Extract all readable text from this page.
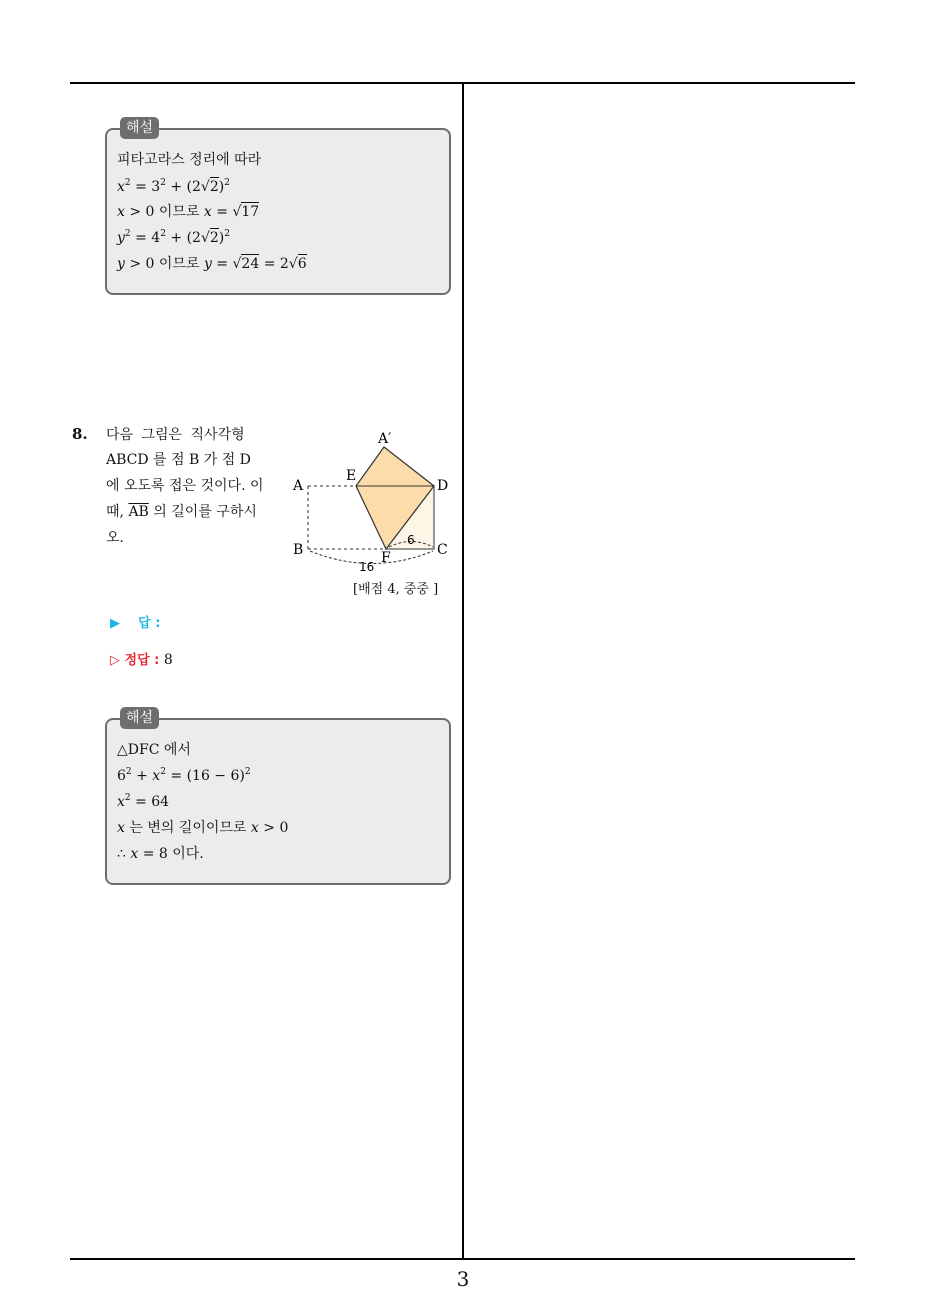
해설
피타고라스 정리에 따라
$x^2 = 3^2 + (2√2)^2$
x > 0 이므로 x = √17
$y^2 = 4^2 + (2√2)^2$
y > 0 이므로 y = √24 = 2√6
8. 다음 그림은 직사각형
ABCD 를 점 B 가 점 D
에 오도록 접은 것이다. 이
때, $\overline{AB}$ 의 길이를 구하시
오.
A′
E
A	D
B	F	C
6
16
[배점 4, 중중 ]
▶ 답 :
▷ 정답 : 8
해설
△DFC 에서
$6^2 + x^2 = (16 - 6)^2$
$x^2 = 64$
x 는 변의 길이이므로 x > 0
∴ x = 8 이다.
3
